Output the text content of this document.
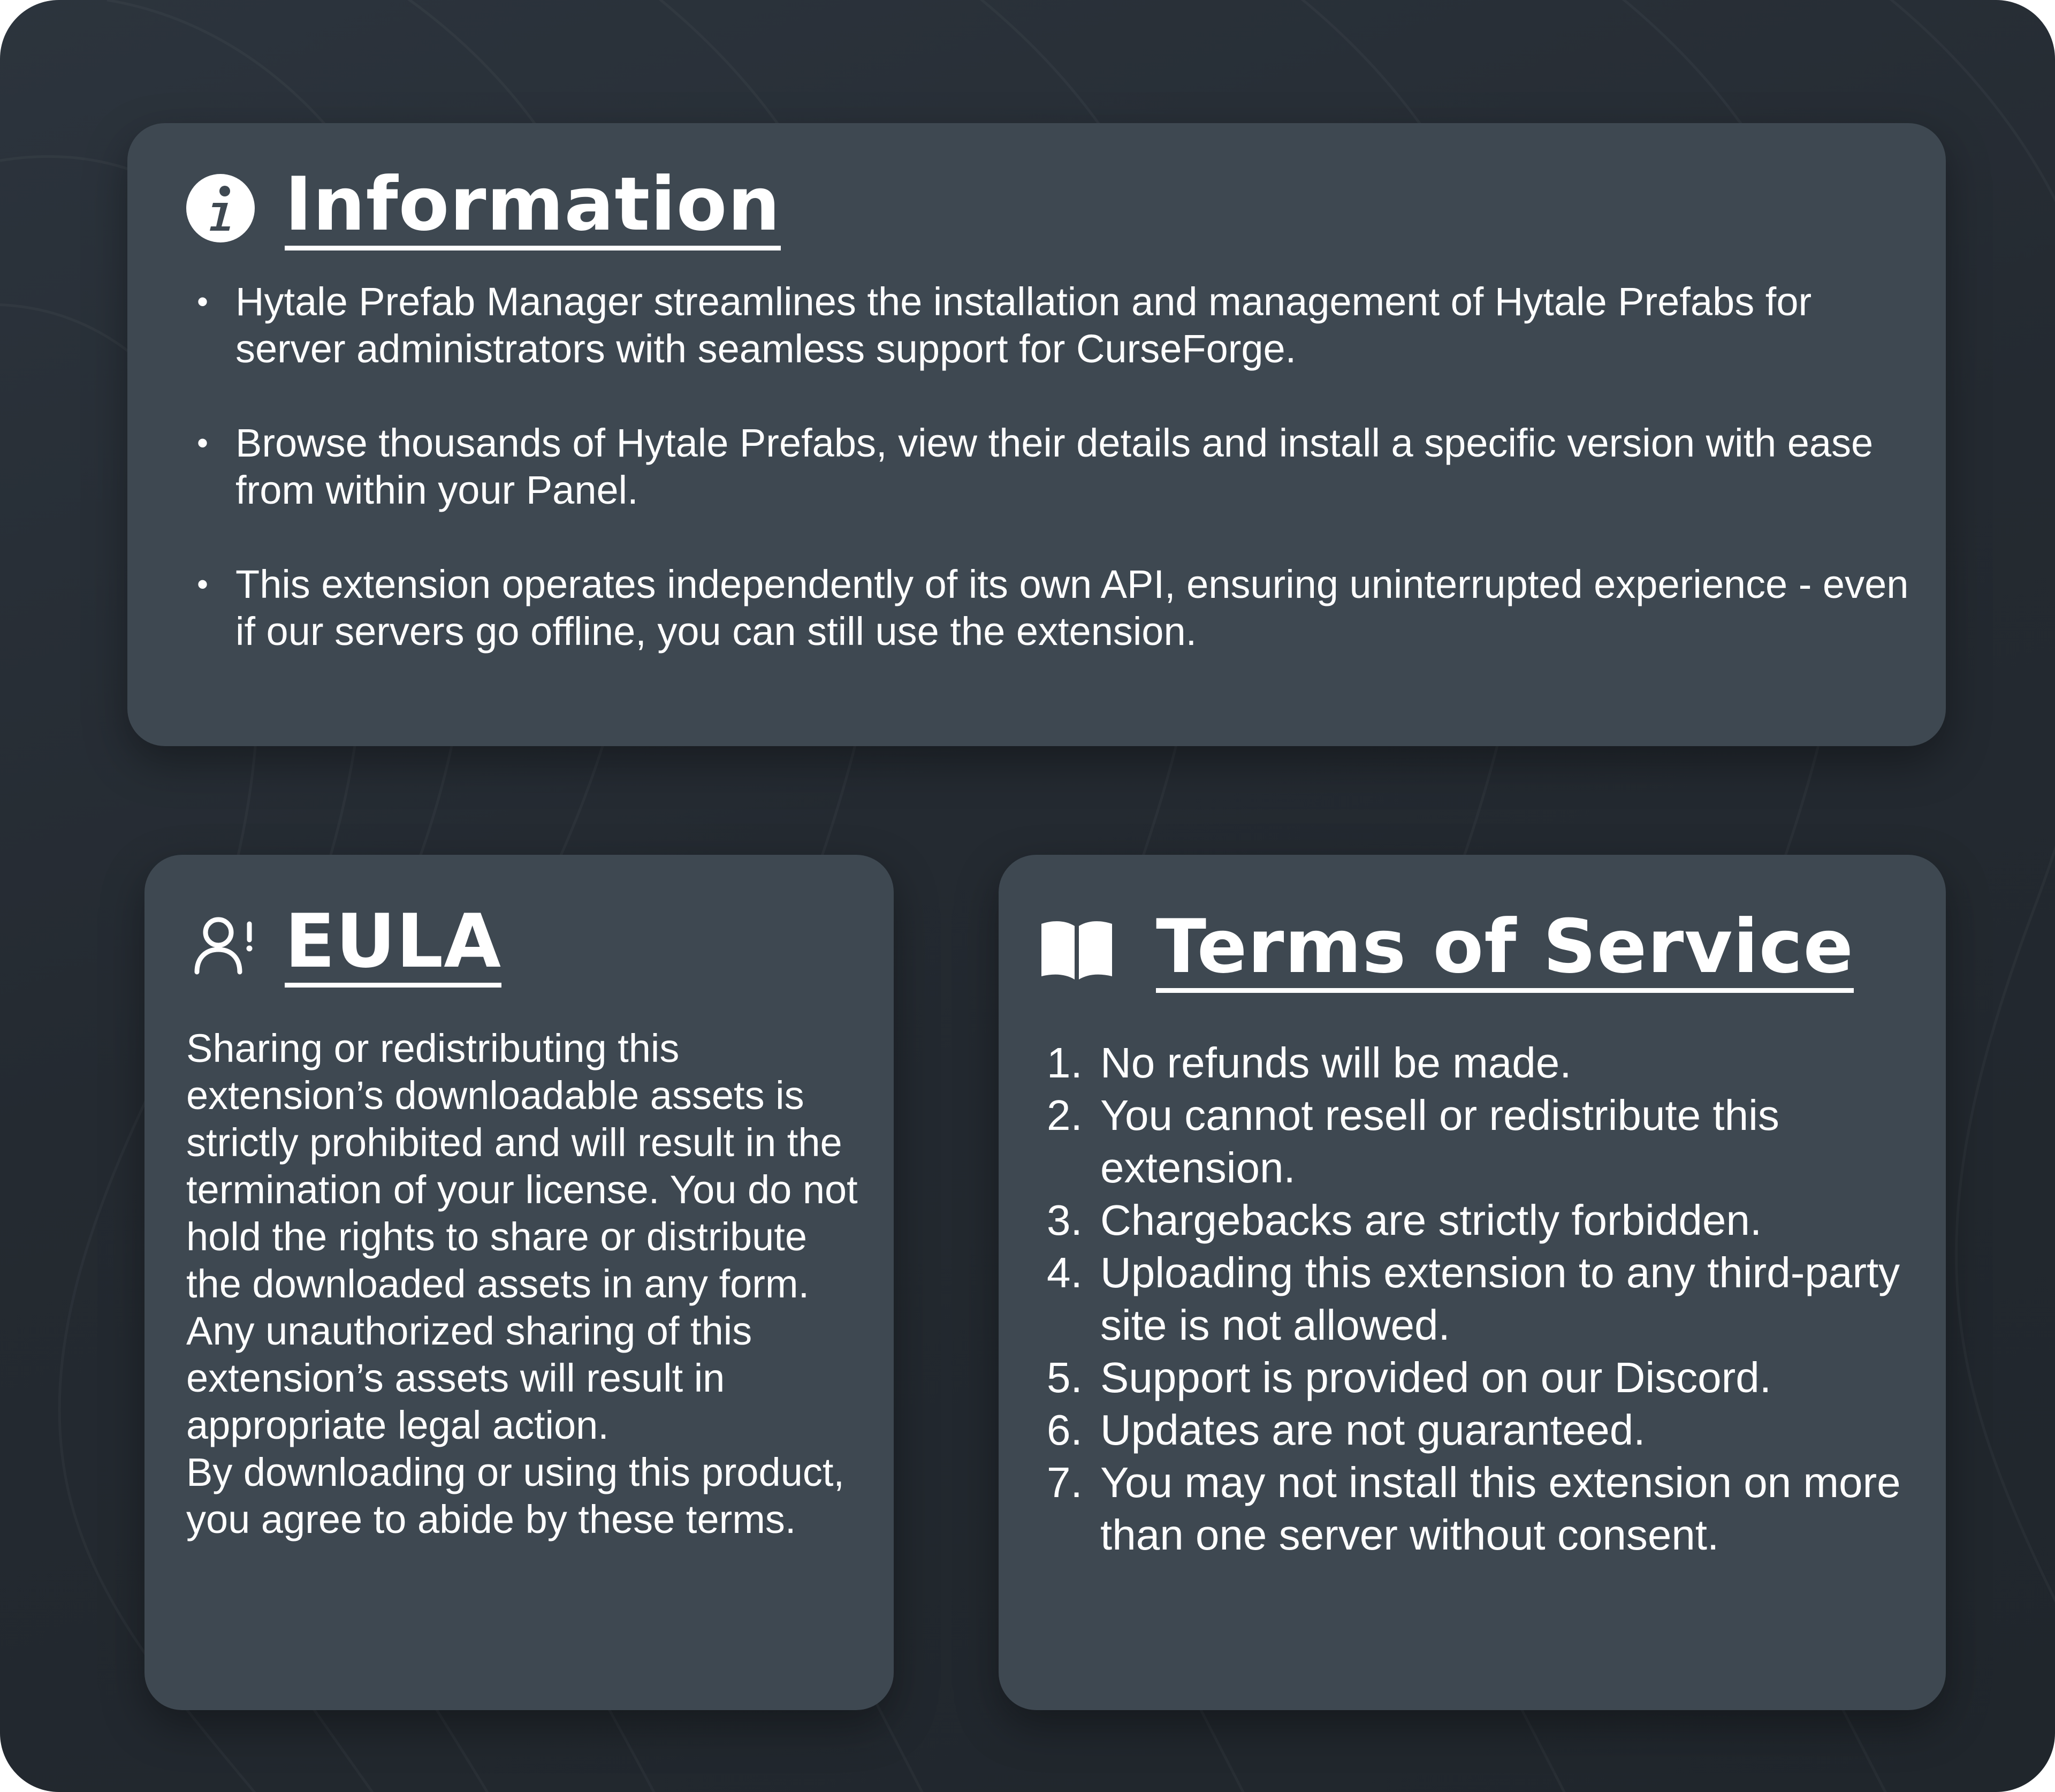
Information
• Hytale Prefab Manager streamlines the installation and management of Hytale Prefabs for server administrators with seamless support for CurseForge.
• Browse thousands of Hytale Prefabs, view their details and install a specific version with ease from within your Panel.
• This extension operates independently of its own API, ensuring uninterrupted experience - even if our servers go offline, you can still use the extension.
EULA

Sharing or redistributing this extension’s downloadable assets is strictly prohibited and will result in the termination of your license. You do not hold the rights to share or distribute the downloaded assets in any form. Any unauthorized sharing of this extension’s assets will result in appropriate legal action.

By downloading or using this product, you agree to abide by these terms.

Terms of Service
1. No refunds will be made.
2. You cannot resell or redistribute this extension.
3. Chargebacks are strictly forbidden.
4. Uploading this extension to any third-party site is not allowed.
5. Support is provided on our Discord.
6. Updates are not guaranteed.
7. You may not install this extension on more than one server without consent.
